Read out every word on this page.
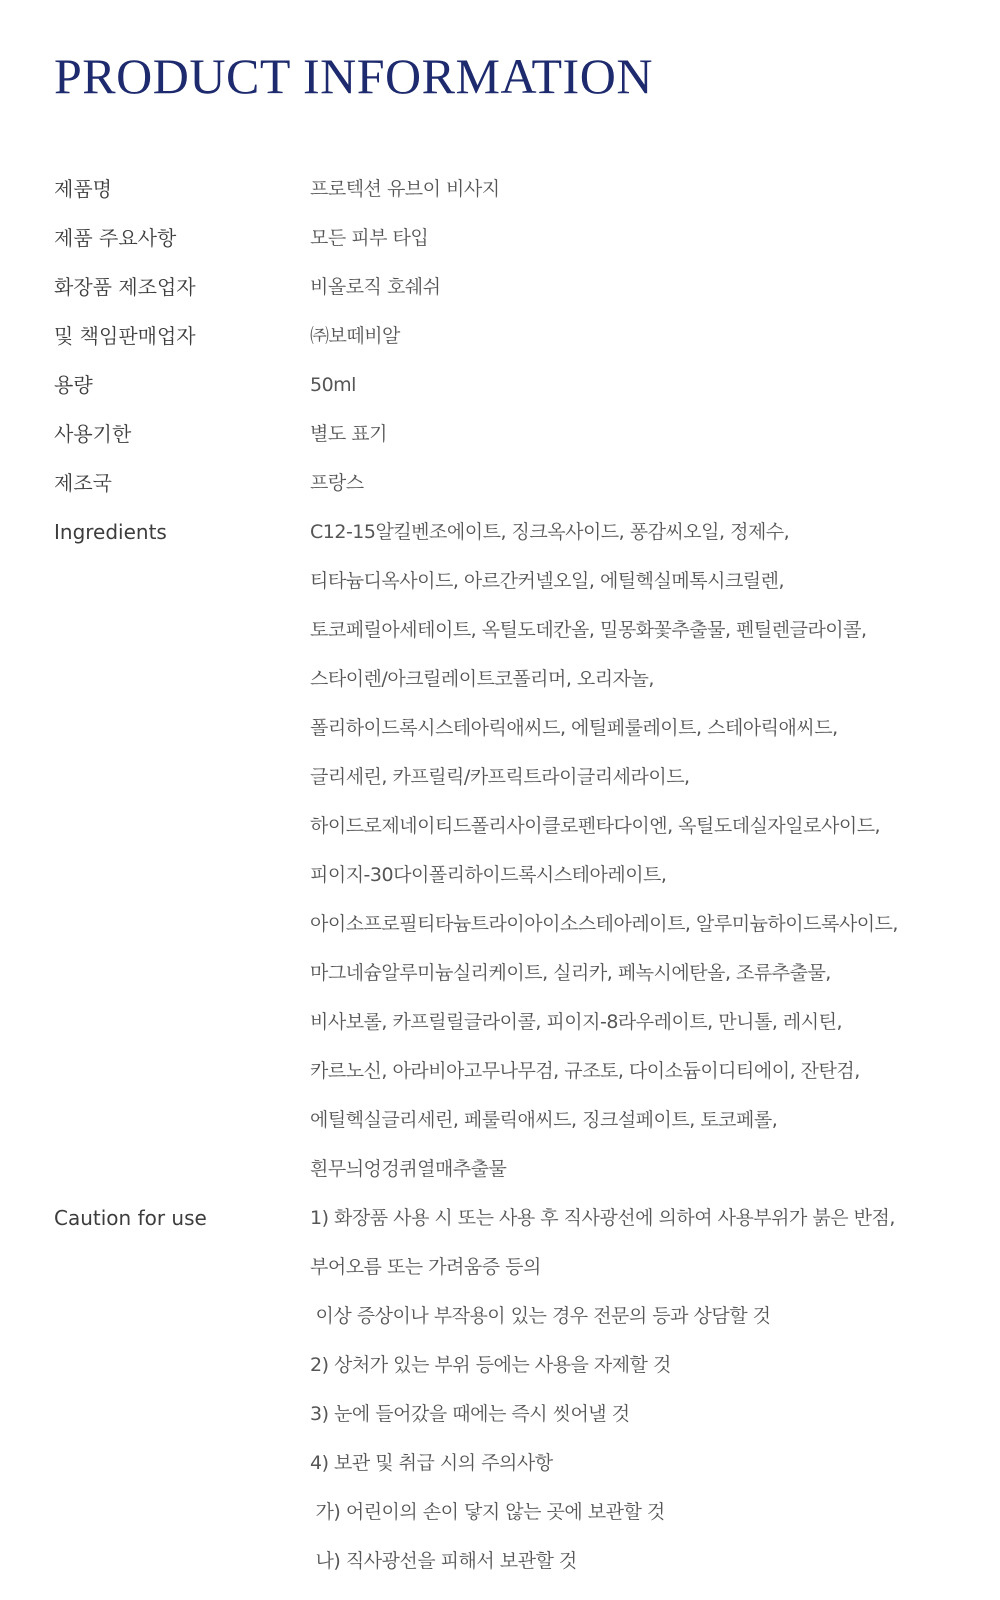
PRODUCT INFORMATION
제품명	프로텍션 유브이 비사지
제품 주요사항	모든 피부 타입
화장품 제조업자	비올로직 호쉐쉬
및 책임판매업자	㈜보떼비알
용량	50ml
사용기한	별도 표기
제조국	프랑스
Ingredients	C12-15알킬벤조에이트, 징크옥사이드, 퐁감씨오일, 정제수,
티타늄디옥사이드, 아르간커넬오일, 에틸헥실메톡시크릴렌,
토코페릴아세테이트, 옥틸도데칸올, 밀몽화꽃추출물, 펜틸렌글라이콜,
스타이렌/아크릴레이트코폴리머, 오리자놀,
폴리하이드록시스테아릭애씨드, 에틸페룰레이트, 스테아릭애씨드,
글리세린, 카프릴릭/카프릭트라이글리세라이드,
하이드로제네이티드폴리사이클로펜타다이엔, 옥틸도데실자일로사이드,
피이지-30다이폴리하이드록시스테아레이트,
아이소프로필티타늄트라이아이소스테아레이트, 알루미늄하이드록사이드,
마그네슘알루미늄실리케이트, 실리카, 페녹시에탄올, 조류추출물,
비사보롤, 카프릴릴글라이콜, 피이지-8라우레이트, 만니톨, 레시틴,
카르노신, 아라비아고무나무검, 규조토, 다이소듐이디티에이, 잔탄검,
에틸헥실글리세린, 페룰릭애씨드, 징크설페이트, 토코페롤,
흰무늬엉겅퀴열매추출물
Caution for use	1) 화장품 사용 시 또는 사용 후 직사광선에 의하여 사용부위가 붉은 반점,
부어오름 또는 가려움증 등의
이상 증상이나 부작용이 있는 경우 전문의 등과 상담할 것
2) 상처가 있는 부위 등에는 사용을 자제할 것
3) 눈에 들어갔을 때에는 즉시 씻어낼 것
4) 보관 및 취급 시의 주의사항
가) 어린이의 손이 닿지 않는 곳에 보관할 것
나) 직사광선을 피해서 보관할 것
